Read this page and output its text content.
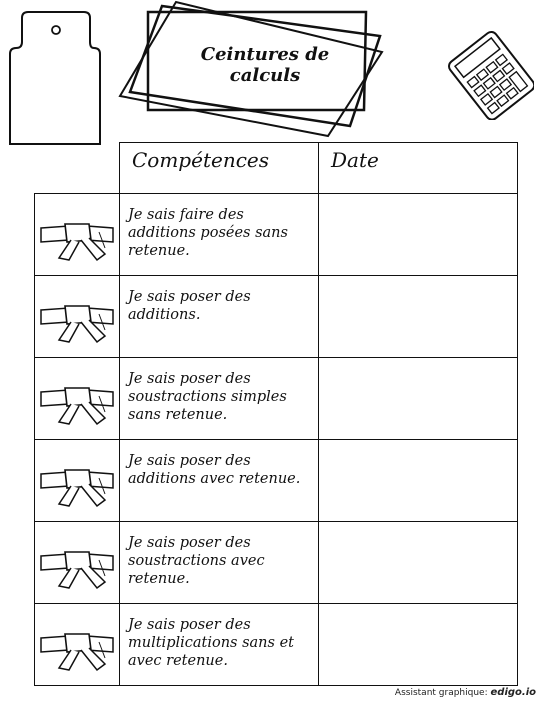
Ceintures de calculs

	Compétences	Date

Je sais faire des additions posées sans retenue.	

Je sais poser des additions.	

Je sais poser des soustractions simples sans retenue.	

Je sais poser des additions avec retenue.	

Je sais poser des soustractions avec retenue.	

Je sais poser des multiplications sans et avec retenue.	

Assistant graphique: edigo.io
